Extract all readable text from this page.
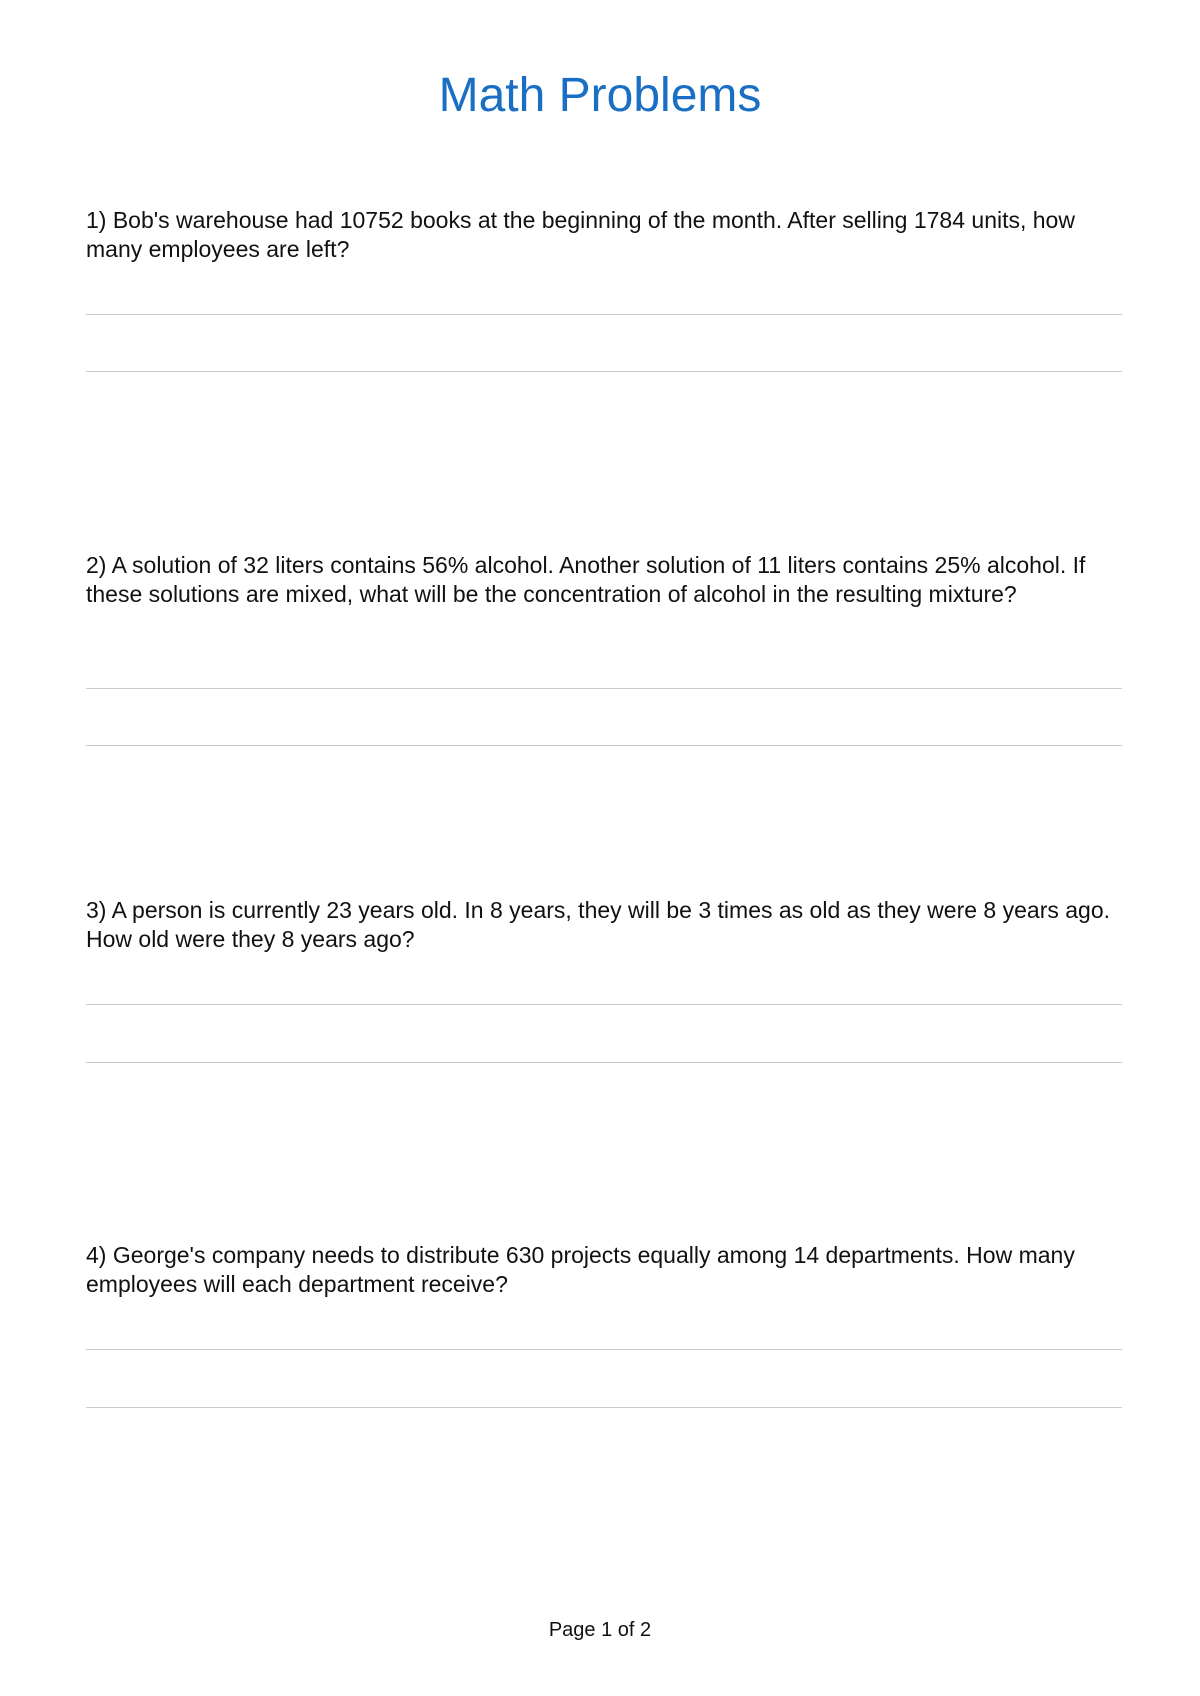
Math Problems

1) Bob's warehouse had 10752 books at the beginning of the month. After selling 1784 units, how many employees are left?

2) A solution of 32 liters contains 56% alcohol. Another solution of 11 liters contains 25% alcohol. If these solutions are mixed, what will be the concentration of alcohol in the resulting mixture?

3) A person is currently 23 years old. In 8 years, they will be 3 times as old as they were 8 years ago. How old were they 8 years ago?

4) George's company needs to distribute 630 projects equally among 14 departments. How many employees will each department receive?

Page 1 of 2
